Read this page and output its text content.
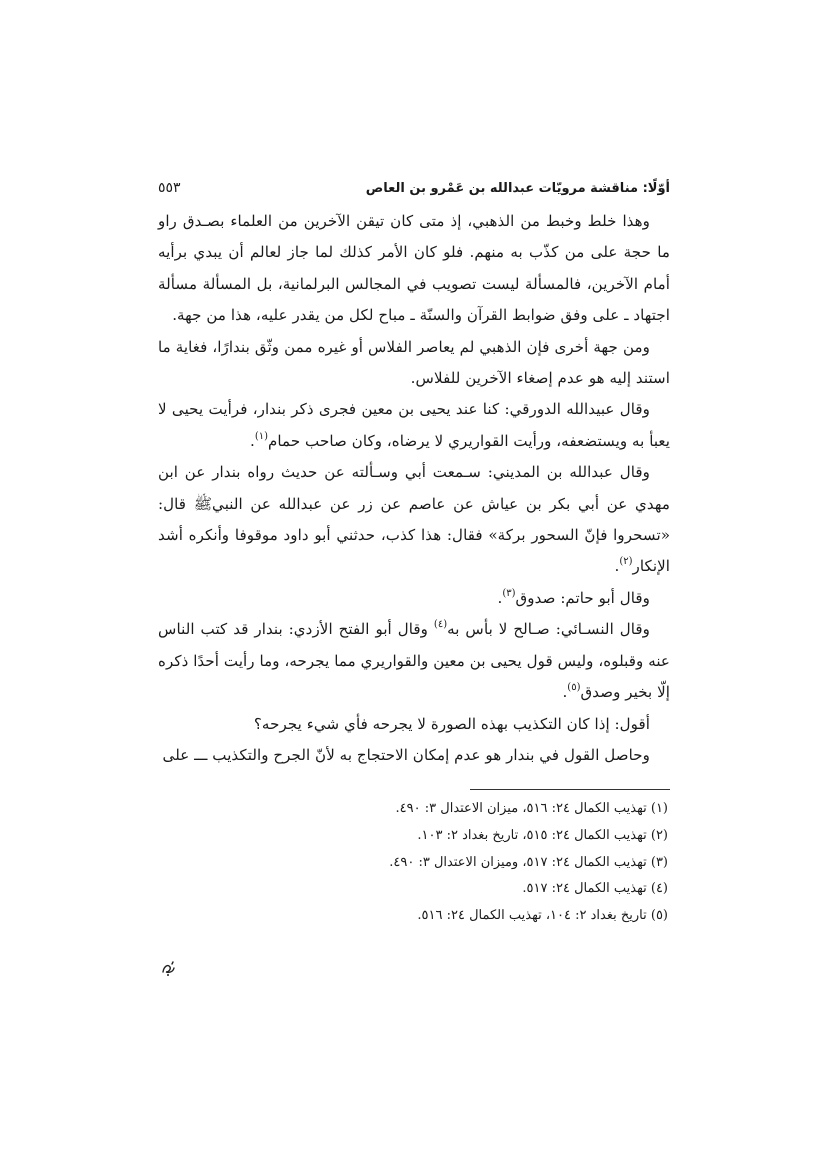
أوّلًا: مناقشة مرويّات عبدالله بن عَمْرو بن العاص
٥٥٣

وهذا خلط وخبط من الذهبي، إذ متى كان تيقن الآخرين من العلماء بصـدق راو ما حجة على من كذّب به منهم. فلو كان الأمر كذلك لما جاز لعالم أن يبدي برأيه أمام الآخرين، فالمسألة ليست تصويب في المجالس البرلمانية، بل المسألة مسألة اجتهاد ـ على وفق ضوابط القرآن والسنّة ـ مباح لكل من يقدر عليه، هذا من جهة.

ومن جهة أخرى فإن الذهبي لم يعاصر الفلاس أو غيره ممن وثّق بندارًا، فغاية ما استند إليه هو عدم إصغاء الآخرين للفلاس.

وقال عبيدالله الدورقي: كنا عند يحيى بن معين فجرى ذكر بندار، فرأيت يحيى لا يعبأ به ويستضعفه، ورأيت القواريري لا يرضاه، وكان صاحب حمام$^{(١)}$.

وقال عبدالله بن المديني: سـمعت أبي وسـألته عن حديث رواه بندار عن ابن مهدي عن أبي بكر بن عياش عن عاصم عن زر عن عبدالله عن النبيﷺ قال: «تسحروا فإنّ السحور بركة» فقال: هذا كذب، حدثني أبو داود موقوفا وأنكره أشد الإنكار$^{(٢)}$.

وقال أبو حاتم: صدوق$^{(٣)}$.

وقال النسـائي: صـالح لا بأس به$^{(٤)}$ وقال أبو الفتح الأزدي: بندار قد كتب الناس عنه وقبلوه، وليس قول يحيى بن معين والقواريري مما يجرحه، وما رأيت أحدًا ذكره إلّا بخير وصدق$^{(٥)}$.

أقول: إذا كان التكذيب بهذه الصورة لا يجرحه فأي شيء يجرحه؟

وحاصل القول في بندار هو عدم إمكان الاحتجاج به لأنّ الجرح والتكذيب ـــ على

(١) تهذيب الكمال ٢٤: ٥١٦، ميزان الاعتدال ٣: ٤٩٠.
(٢) تهذيب الكمال ٢٤: ٥١٥، تاريخ بغداد ٢: ١٠٣.
(٣) تهذيب الكمال ٢٤: ٥١٧، وميزان الاعتدال ٣: ٤٩٠.
(٤) تهذيب الكمال ٢٤: ٥١٧.
(٥) تاريخ بغداد ٢: ١٠٤، تهذيب الكمال ٢٤: ٥١٦.
